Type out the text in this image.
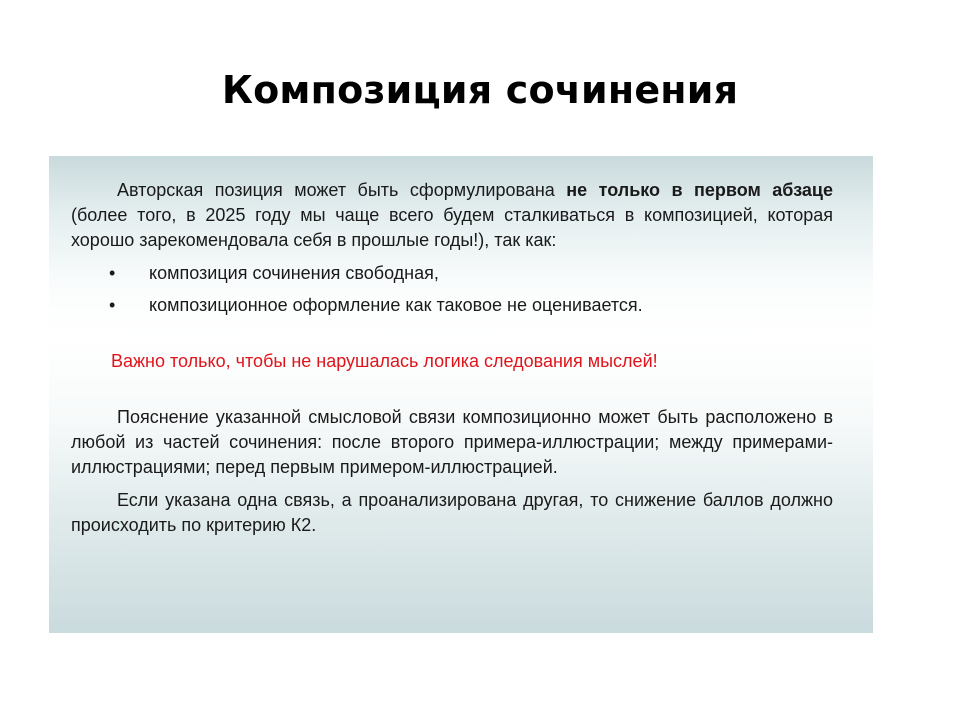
Композиция сочинения

Авторская позиция может быть сформулирована не только в первом абзаце (более того, в 2025 году мы чаще всего будем сталкиваться в композицией, которая хорошо зарекомендовала себя в прошлые годы!), так как:

• композиция сочинения свободная,
• композиционное оформление как таковое не оценивается.

Важно только, чтобы не нарушалась логика следования мыслей!

Пояснение указанной смысловой связи композиционно может быть расположено в любой из частей сочинения: после второго примера-иллюстрации; между примерами-иллюстрациями; перед первым примером-иллюстрацией.

Если указана одна связь, а проанализирована другая, то снижение баллов должно происходить по критерию К2.
